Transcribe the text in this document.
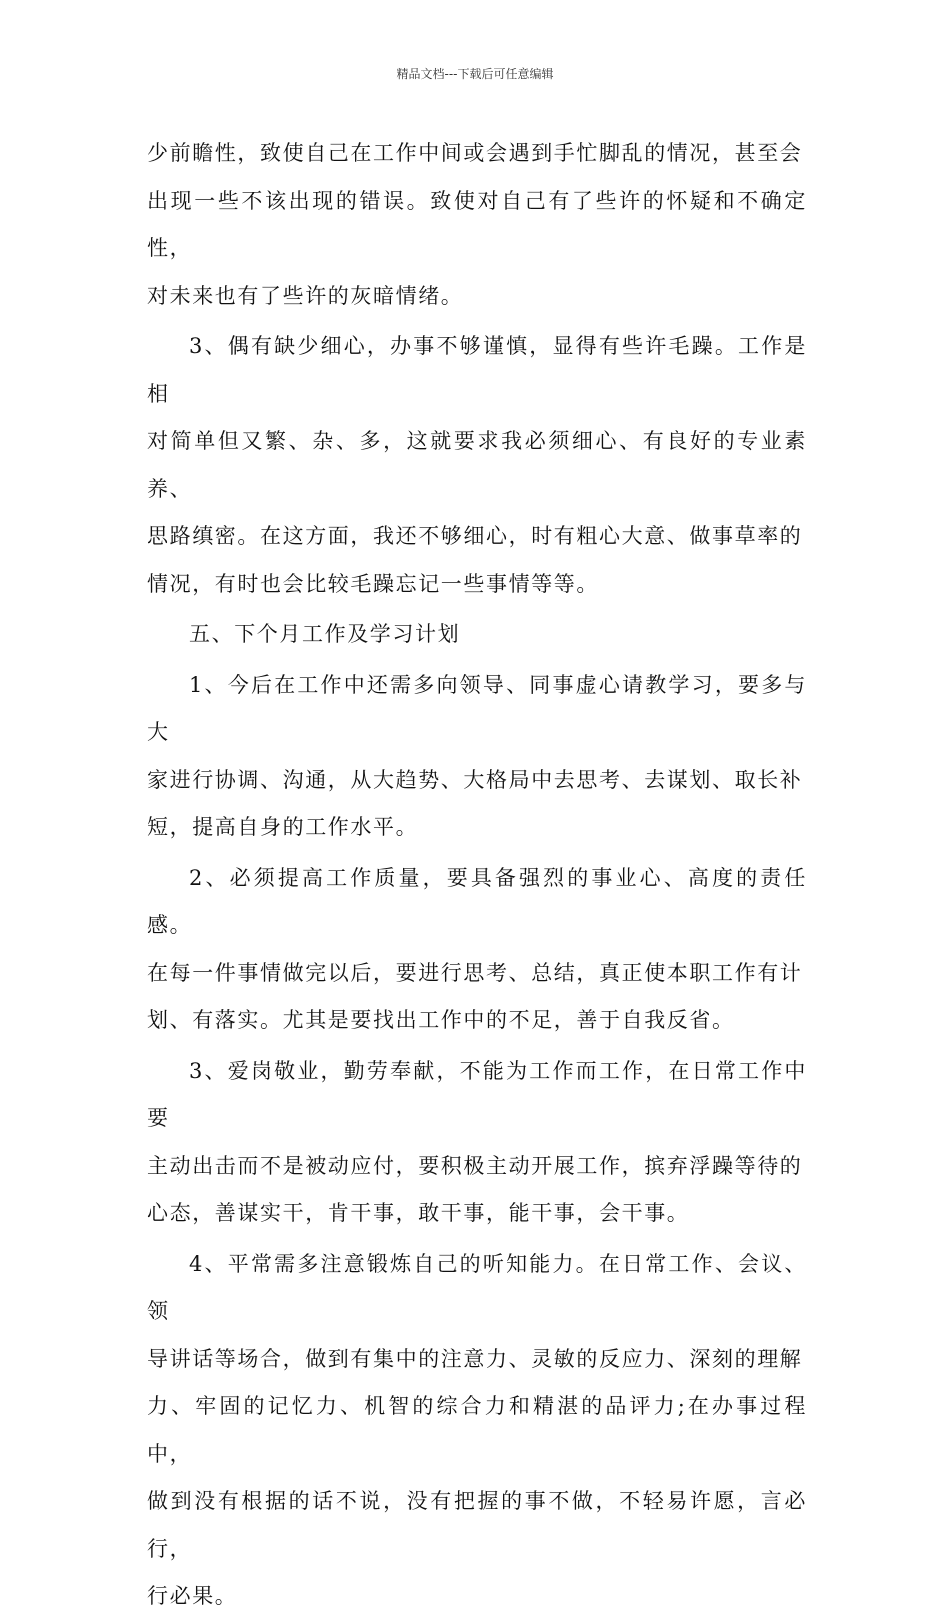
精品文档---下载后可任意编辑

少前瞻性，致使自己在工作中间或会遇到手忙脚乱的情况，甚至会
出现一些不该出现的错误。致使对自己有了些许的怀疑和不确定性，
对未来也有了些许的灰暗情绪。

3、偶有缺少细心，办事不够谨慎，显得有些许毛躁。工作是相
对简单但又繁、杂、多，这就要求我必须细心、有良好的专业素养、
思路缜密。在这方面，我还不够细心，时有粗心大意、做事草率的
情况，有时也会比较毛躁忘记一些事情等等。

五、下个月工作及学习计划

1、今后在工作中还需多向领导、同事虚心请教学习，要多与大
家进行协调、沟通，从大趋势、大格局中去思考、去谋划、取长补
短，提高自身的工作水平。

2、必须提高工作质量，要具备强烈的事业心、高度的责任感。
在每一件事情做完以后，要进行思考、总结，真正使本职工作有计
划、有落实。尤其是要找出工作中的不足，善于自我反省。

3、爱岗敬业，勤劳奉献，不能为工作而工作，在日常工作中要
主动出击而不是被动应付，要积极主动开展工作，摈弃浮躁等待的
心态，善谋实干，肯干事，敢干事，能干事，会干事。

4、平常需多注意锻炼自己的听知能力。在日常工作、会议、领
导讲话等场合，做到有集中的注意力、灵敏的反应力、深刻的理解
力、牢固的记忆力、机智的综合力和精湛的品评力;在办事过程中，
做到没有根据的话不说，没有把握的事不做，不轻易许愿，言必行，
行必果。
